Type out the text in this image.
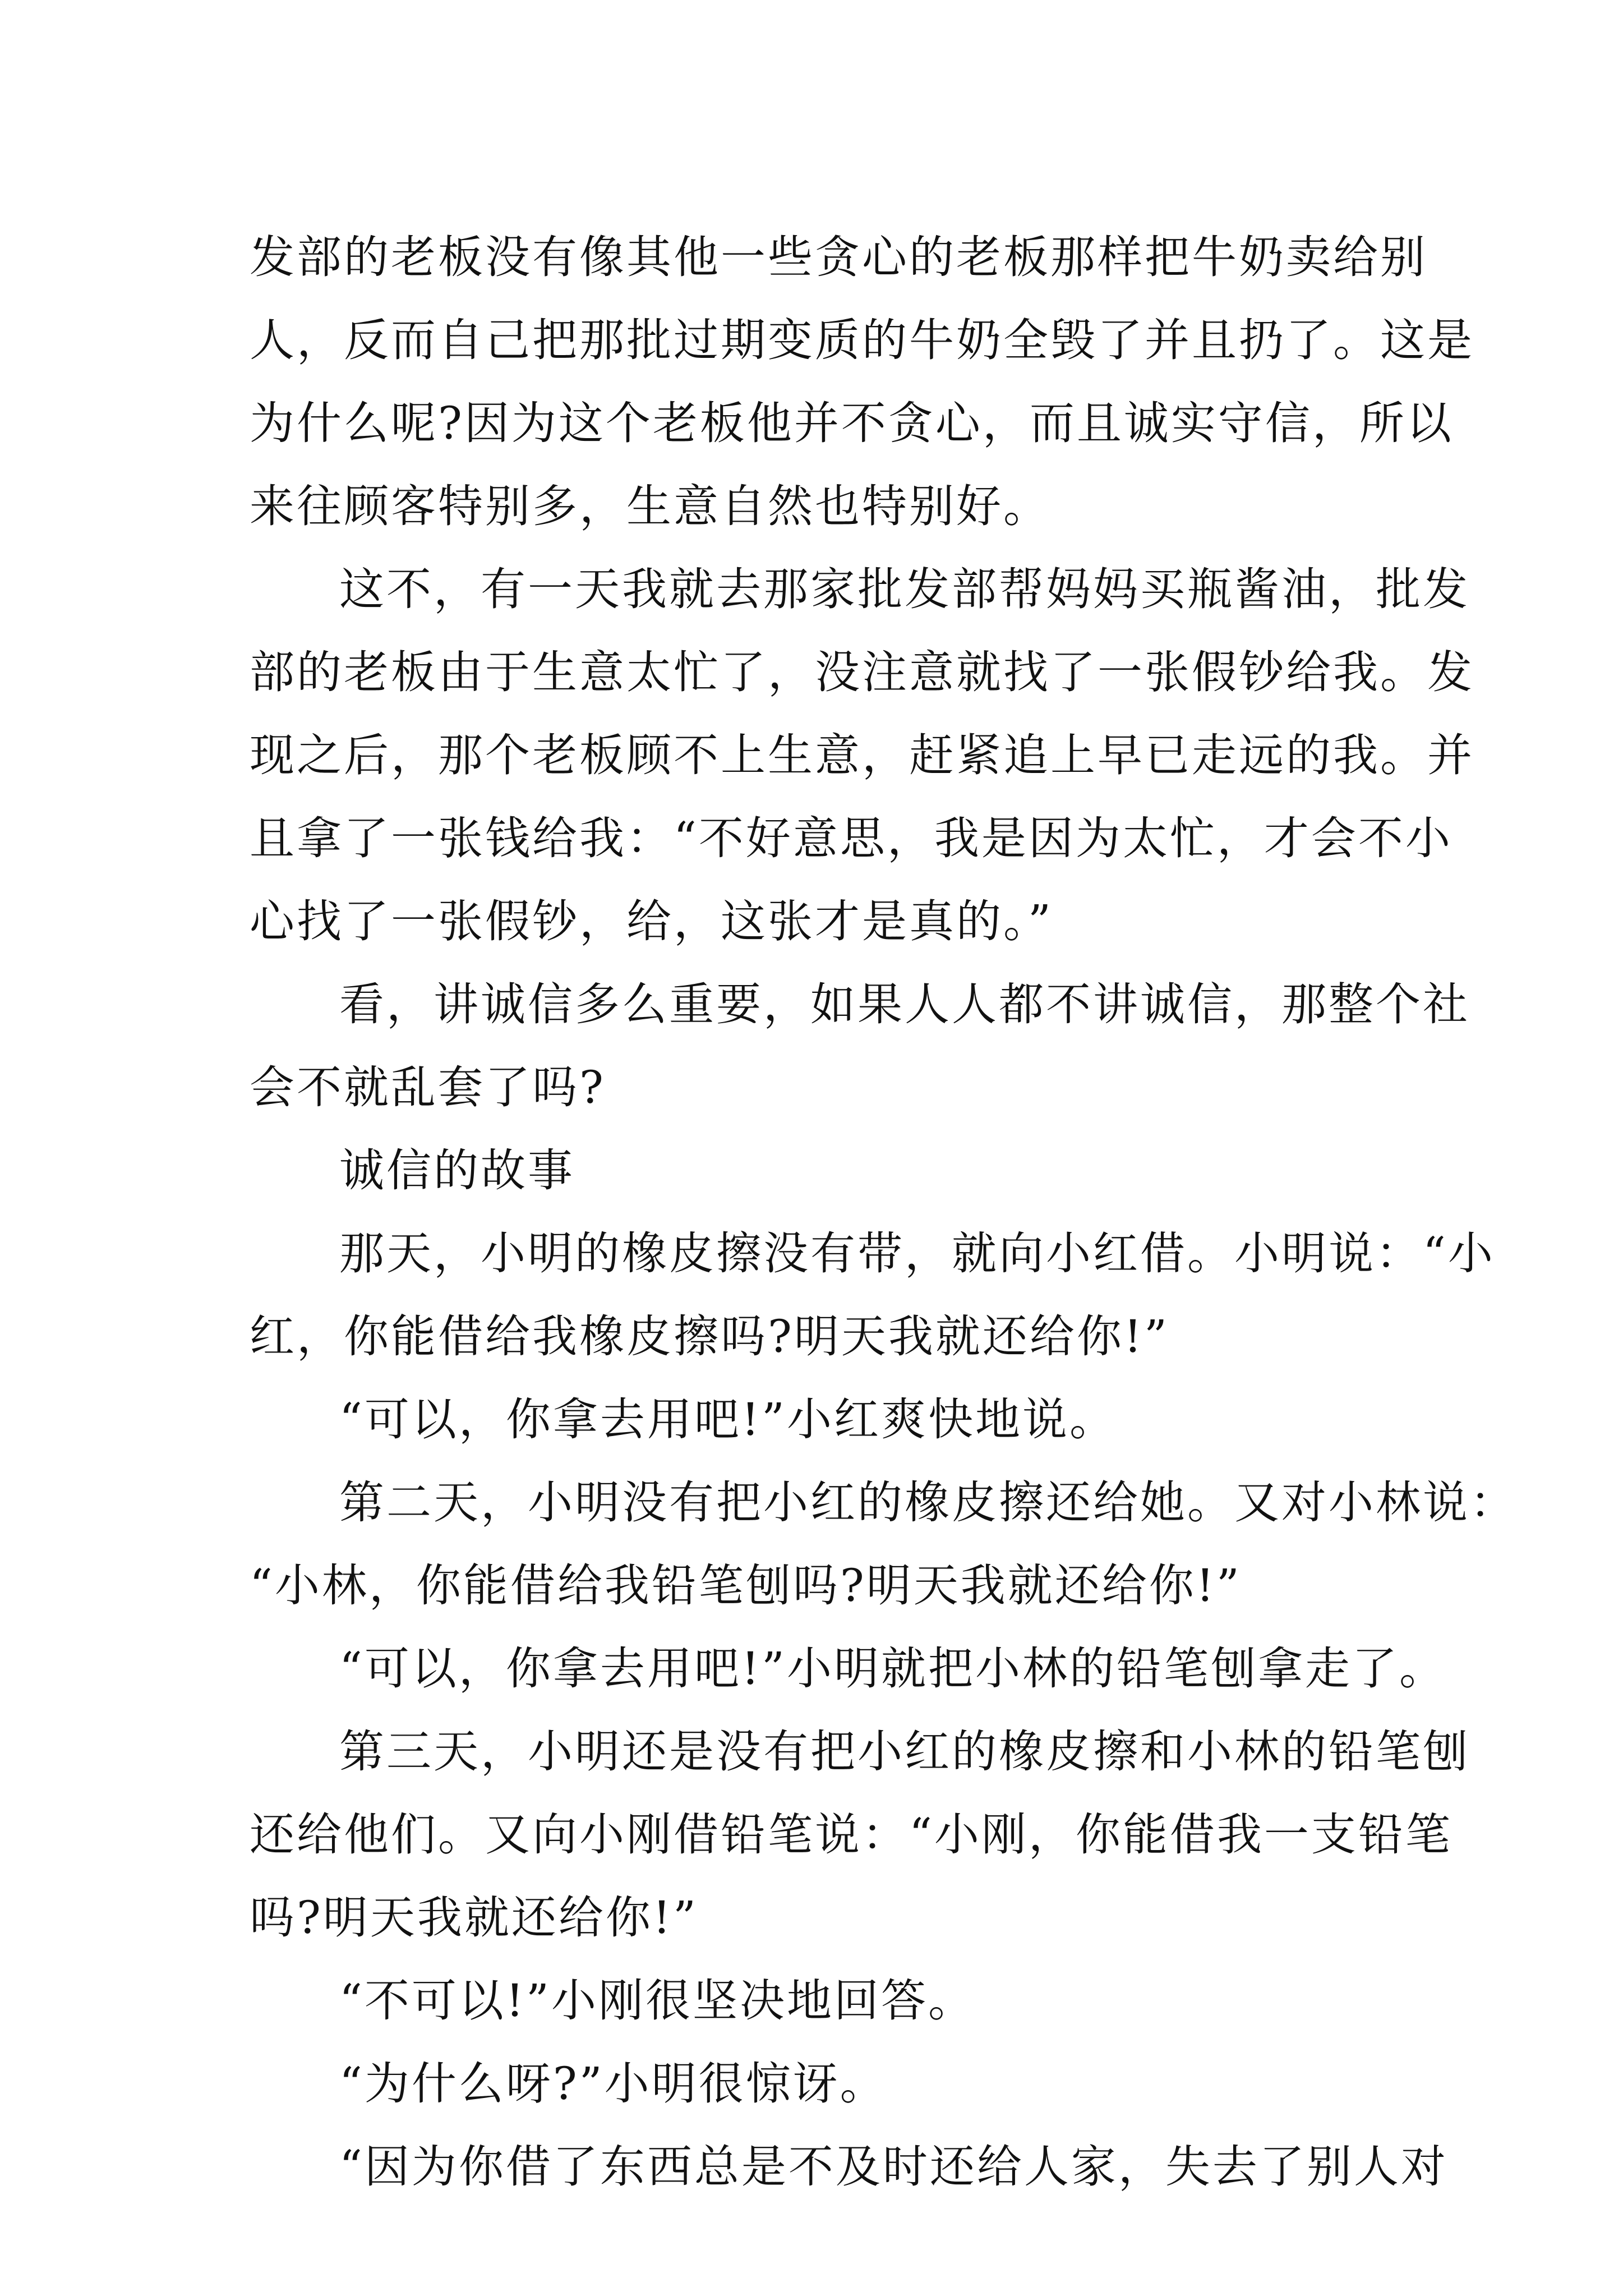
发部的老板没有像其他一些贪心的老板那样把牛奶卖给别
人，反而自己把那批过期变质的牛奶全毁了并且扔了。这是
为什么呢?因为这个老板他并不贪心，而且诚实守信，所以
来往顾客特别多，生意自然也特别好。
这不，有一天我就去那家批发部帮妈妈买瓶酱油，批发
部的老板由于生意太忙了，没注意就找了一张假钞给我。发
现之后，那个老板顾不上生意，赶紧追上早已走远的我。并
且拿了一张钱给我：“不好意思，我是因为太忙，才会不小
心找了一张假钞，给，这张才是真的。”
看，讲诚信多么重要，如果人人都不讲诚信，那整个社
会不就乱套了吗?
诚信的故事
那天，小明的橡皮擦没有带，就向小红借。小明说：“小
红，你能借给我橡皮擦吗?明天我就还给你!”
“可以，你拿去用吧!”小红爽快地说。
第二天，小明没有把小红的橡皮擦还给她。又对小林说：
“小林，你能借给我铅笔刨吗?明天我就还给你!”
“可以，你拿去用吧!”小明就把小林的铅笔刨拿走了。
第三天，小明还是没有把小红的橡皮擦和小林的铅笔刨
还给他们。又向小刚借铅笔说：“小刚，你能借我一支铅笔
吗?明天我就还给你!”
“不可以!”小刚很坚决地回答。
“为什么呀?”小明很惊讶。
“因为你借了东西总是不及时还给人家，失去了别人对
